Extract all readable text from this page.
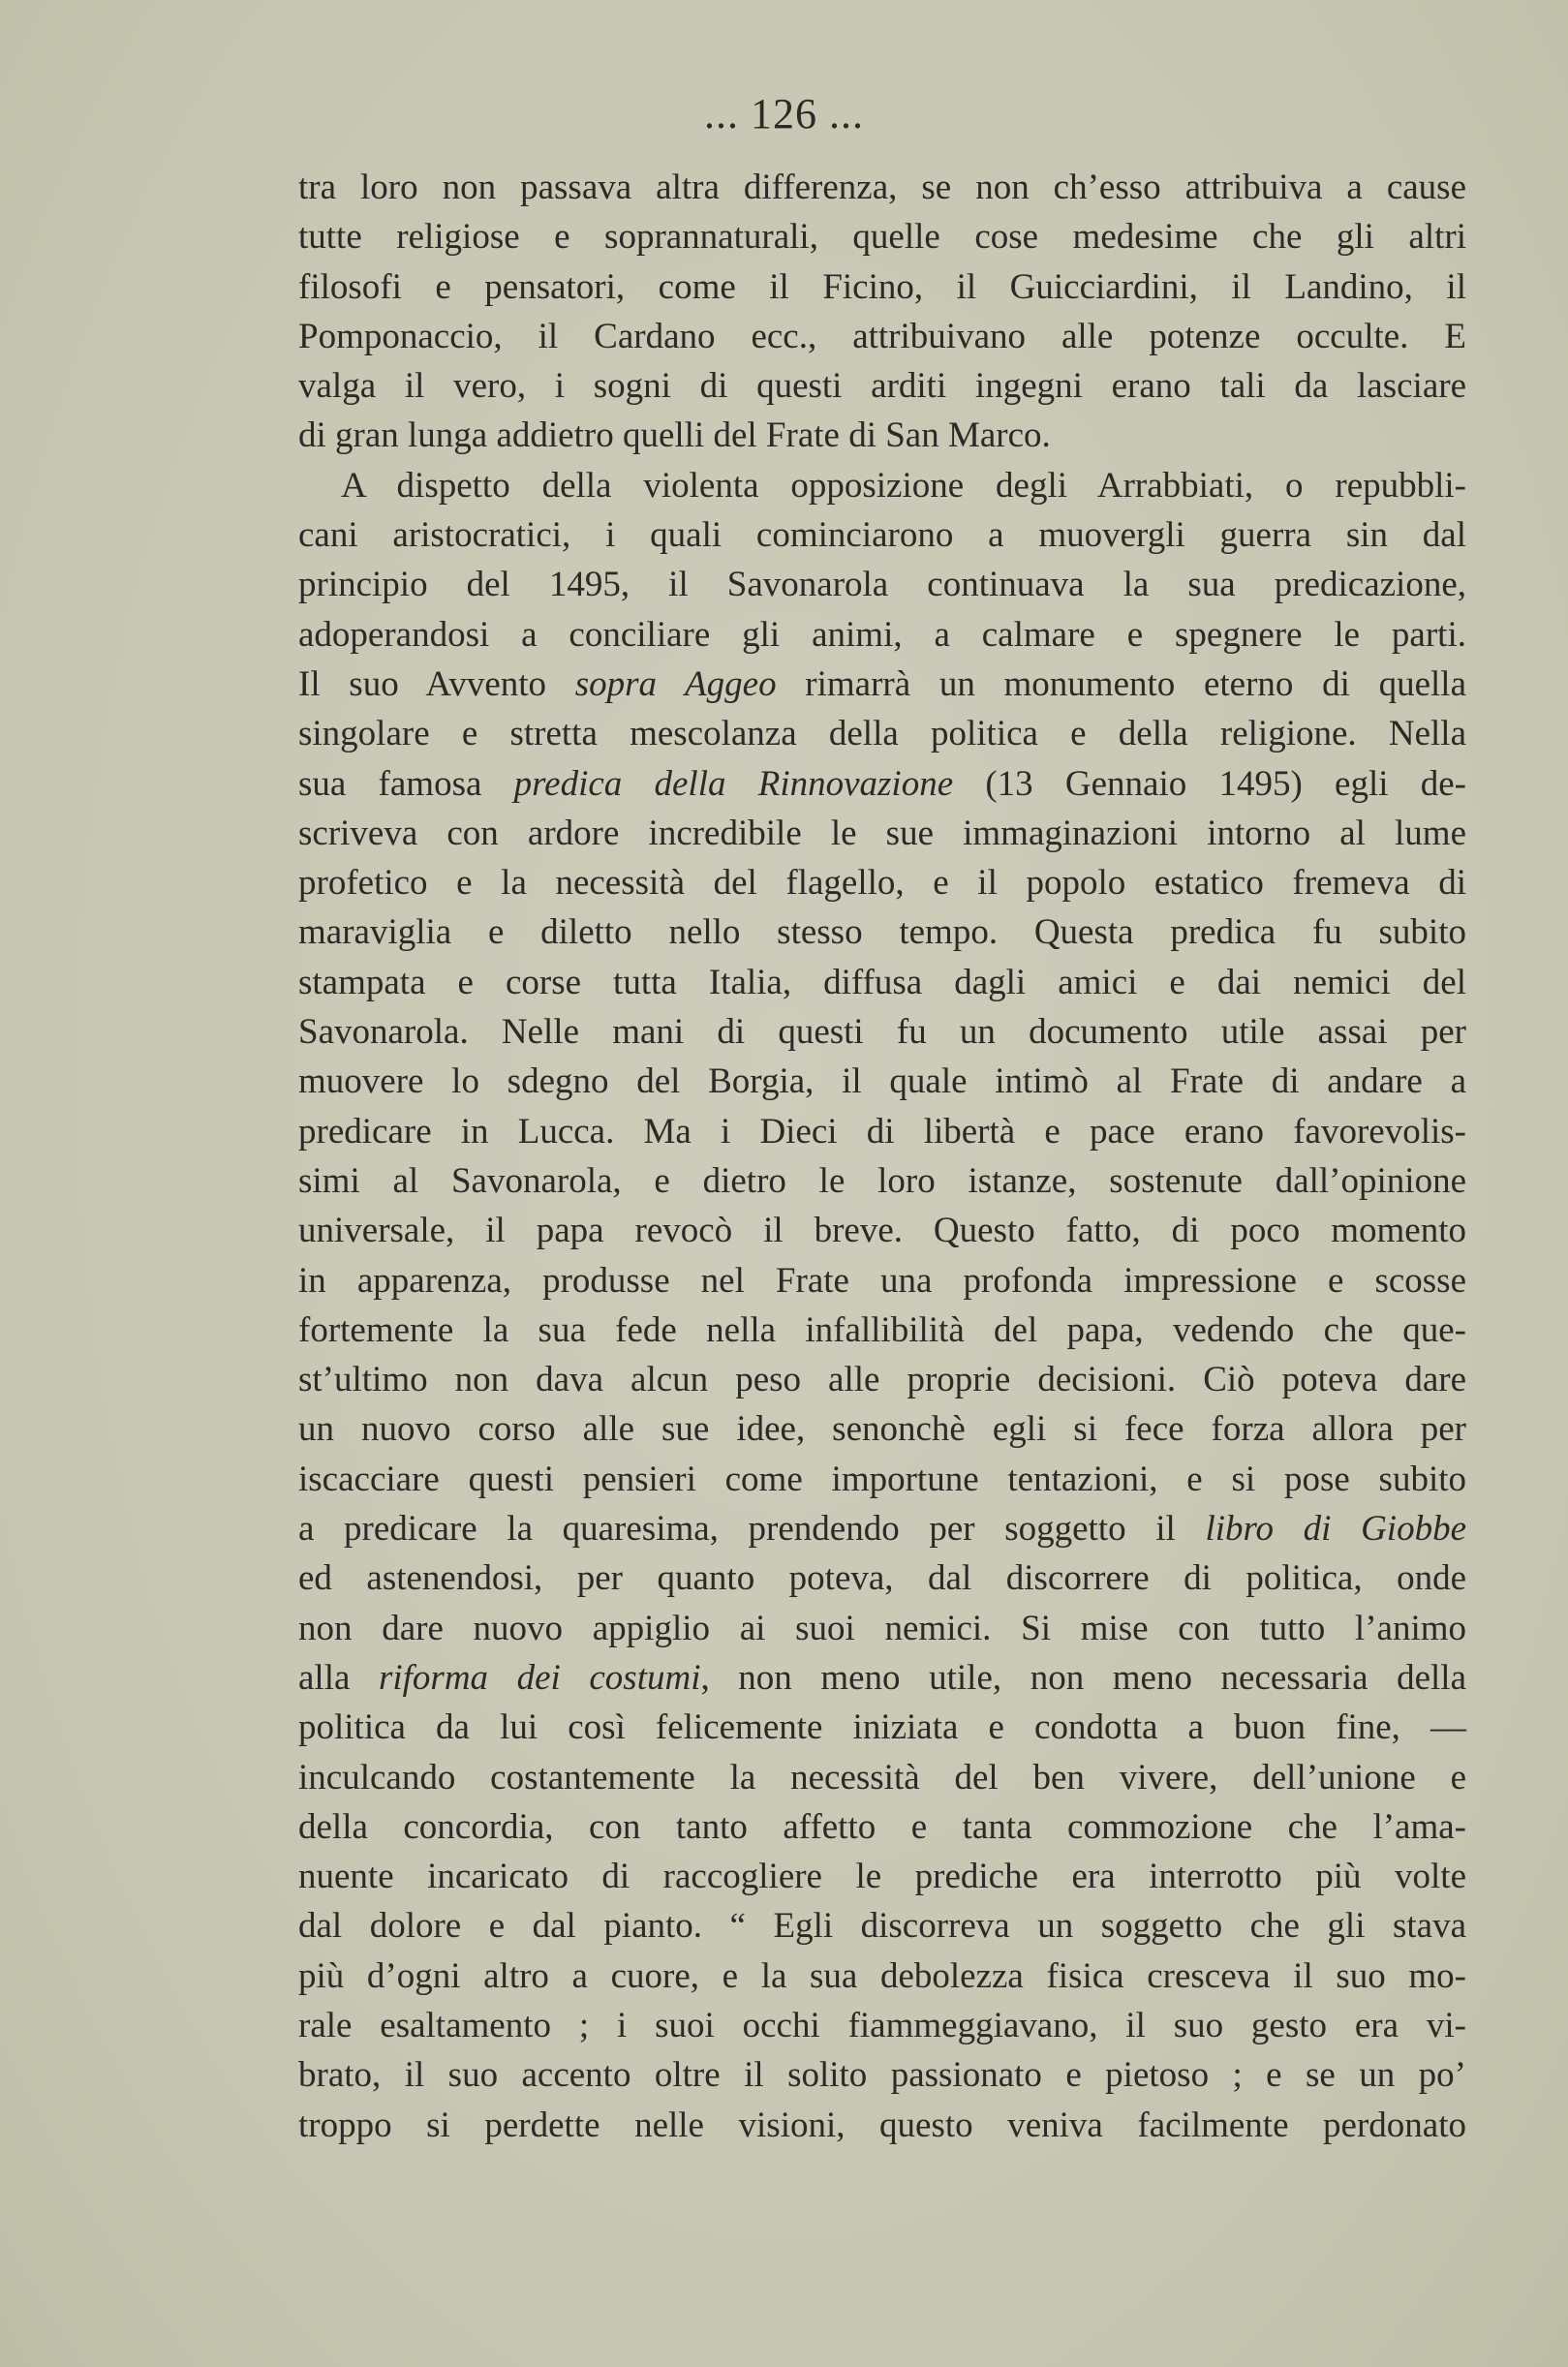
... 126 ...
tra loro non passava altra differenza, se non ch’esso attribuiva a cause
tutte religiose e soprannaturali, quelle cose medesime che gli altri
filosofi e pensatori, come il Ficino, il Guicciardini, il Landino, il
Pomponaccio, il Cardano ecc., attribuivano alle potenze occulte. E
valga il vero, i sogni di questi arditi ingegni erano tali da lasciare
di gran lunga addietro quelli del Frate di San Marco.
A dispetto della violenta opposizione degli Arrabbiati, o repubbli-
cani aristocratici, i quali cominciarono a muovergli guerra sin dal
principio del 1495, il Savonarola continuava la sua predicazione,
adoperandosi a conciliare gli animi, a calmare e spegnere le parti.
Il suo Avvento sopra Aggeo rimarrà un monumento eterno di quella
singolare e stretta mescolanza della politica e della religione. Nella
sua famosa predica della Rinnovazione (13 Gennaio 1495) egli de-
scriveva con ardore incredibile le sue immaginazioni intorno al lume
profetico e la necessità del flagello, e il popolo estatico fremeva di
maraviglia e diletto nello stesso tempo. Questa predica fu subito
stampata e corse tutta Italia, diffusa dagli amici e dai nemici del
Savonarola. Nelle mani di questi fu un documento utile assai per
muovere lo sdegno del Borgia, il quale intimò al Frate di andare a
predicare in Lucca. Ma i Dieci di libertà e pace erano favorevolis-
simi al Savonarola, e dietro le loro istanze, sostenute dall’opinione
universale, il papa revocò il breve. Questo fatto, di poco momento
in apparenza, produsse nel Frate una profonda impressione e scosse
fortemente la sua fede nella infallibilità del papa, vedendo che que-
st’ultimo non dava alcun peso alle proprie decisioni. Ciò poteva dare
un nuovo corso alle sue idee, senonchè egli si fece forza allora per
iscacciare questi pensieri come importune tentazioni, e si pose subito
a predicare la quaresima, prendendo per soggetto il libro di Giobbe
ed astenendosi, per quanto poteva, dal discorrere di politica, onde
non dare nuovo appiglio ai suoi nemici. Si mise con tutto l’animo
alla riforma dei costumi, non meno utile, non meno necessaria della
politica da lui così felicemente iniziata e condotta a buon fine, —
inculcando costantemente la necessità del ben vivere, dell’unione e
della concordia, con tanto affetto e tanta commozione che l’ama-
nuente incaricato di raccogliere le prediche era interrotto più volte
dal dolore e dal pianto. “ Egli discorreva un soggetto che gli stava
più d’ogni altro a cuore, e la sua debolezza fisica cresceva il suo mo-
rale esaltamento ; i suoi occhi fiammeggiavano, il suo gesto era vi-
brato, il suo accento oltre il solito passionato e pietoso ; e se un po’
troppo si perdette nelle visioni, questo veniva facilmente perdonato
